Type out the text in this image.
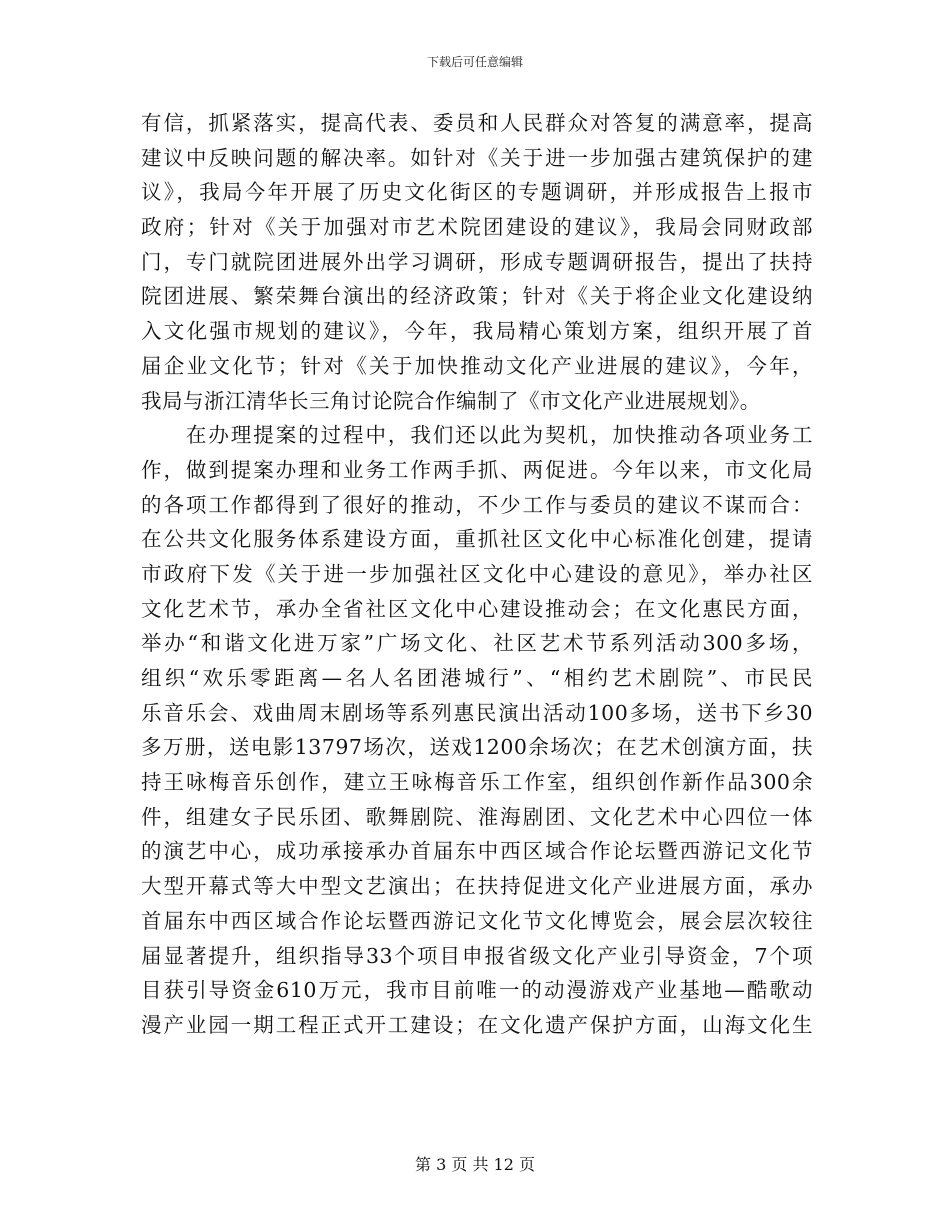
下载后可任意编辑
有信，抓紧落实，提高代表、委员和人民群众对答复的满意率，提高
建议中反映问题的解决率。如针对《关于进一步加强古建筑保护的建
议》，我局今年开展了历史文化街区的专题调研，并形成报告上报市
政府；针对《关于加强对市艺术院团建设的建议》，我局会同财政部
门，专门就院团进展外出学习调研，形成专题调研报告，提出了扶持
院团进展、繁荣舞台演出的经济政策；针对《关于将企业文化建设纳
入文化强市规划的建议》，今年，我局精心策划方案，组织开展了首
届企业文化节；针对《关于加快推动文化产业进展的建议》，今年，
我局与浙江清华长三角讨论院合作编制了《市文化产业进展规划》。
　　在办理提案的过程中，我们还以此为契机，加快推动各项业务工
作，做到提案办理和业务工作两手抓、两促进。今年以来，市文化局
的各项工作都得到了很好的推动，不少工作与委员的建议不谋而合：
在公共文化服务体系建设方面，重抓社区文化中心标准化创建，提请
市政府下发《关于进一步加强社区文化中心建设的意见》，举办社区
文化艺术节，承办全省社区文化中心建设推动会；在文化惠民方面，
举办“和谐文化进万家”广场文化、社区艺术节系列活动300多场，
组织“欢乐零距离—名人名团港城行”、“相约艺术剧院”、市民民
乐音乐会、戏曲周末剧场等系列惠民演出活动100多场，送书下乡30
多万册，送电影13797场次，送戏1200余场次；在艺术创演方面，扶
持王咏梅音乐创作，建立王咏梅音乐工作室，组织创作新作品300余
件，组建女子民乐团、歌舞剧院、淮海剧团、文化艺术中心四位一体
的演艺中心，成功承接承办首届东中西区域合作论坛暨西游记文化节
大型开幕式等大中型文艺演出；在扶持促进文化产业进展方面，承办
首届东中西区域合作论坛暨西游记文化节文化博览会，展会层次较往
届显著提升，组织指导33个项目申报省级文化产业引导资金，7个项
目获引导资金610万元，我市目前唯一的动漫游戏产业基地—酷歌动
漫产业园一期工程正式开工建设；在文化遗产保护方面，山海文化生
第 3 页 共 12 页
